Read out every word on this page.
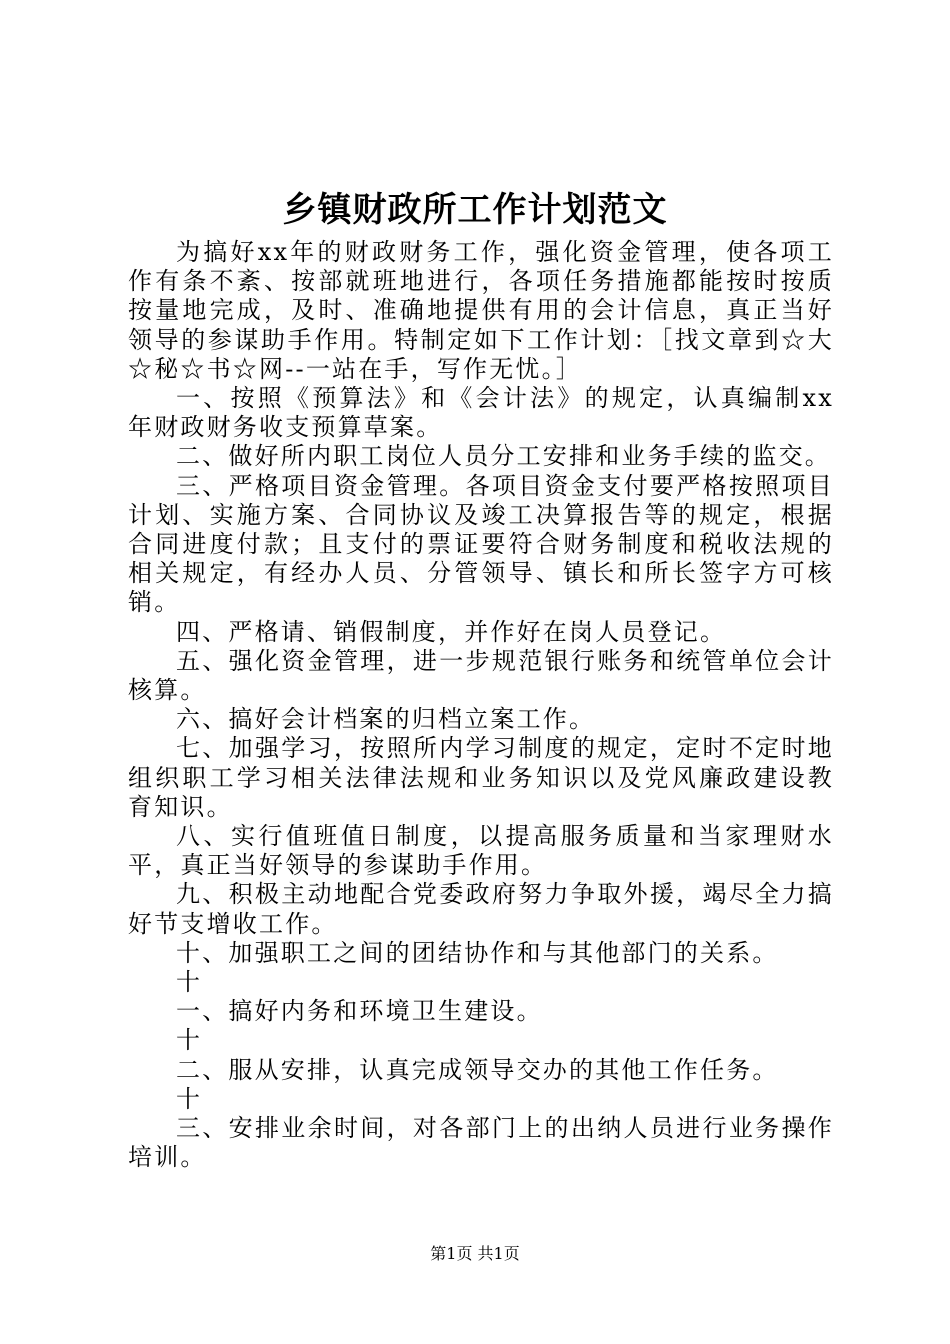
乡镇财政所工作计划范文

为搞好xx年的财政财务工作，强化资金管理，使各项工作有条不紊、按部就班地进行，各项任务措施都能按时按质按量地完成，及时、准确地提供有用的会计信息，真正当好领导的参谋助手作用。特制定如下工作计划：［找文章到☆大☆秘☆书☆网--一站在手，写作无忧。］

一、按照《预算法》和《会计法》的规定，认真编制xx年财政财务收支预算草案。

二、做好所内职工岗位人员分工安排和业务手续的监交。

三、严格项目资金管理。各项目资金支付要严格按照项目计划、实施方案、合同协议及竣工决算报告等的规定，根据合同进度付款；且支付的票证要符合财务制度和税收法规的相关规定，有经办人员、分管领导、镇长和所长签字方可核销。

四、严格请、销假制度，并作好在岗人员登记。

五、强化资金管理，进一步规范银行账务和统管单位会计核算。

六、搞好会计档案的归档立案工作。

七、加强学习，按照所内学习制度的规定，定时不定时地组织职工学习相关法律法规和业务知识以及党风廉政建设教育知识。

八、实行值班值日制度，以提高服务质量和当家理财水平，真正当好领导的参谋助手作用。

九、积极主动地配合党委政府努力争取外援，竭尽全力搞好节支增收工作。

十、加强职工之间的团结协作和与其他部门的关系。

十

一、搞好内务和环境卫生建设。

十

二、服从安排，认真完成领导交办的其他工作任务。

十

三、安排业余时间，对各部门上的出纳人员进行业务操作培训。

第1页 共1页
